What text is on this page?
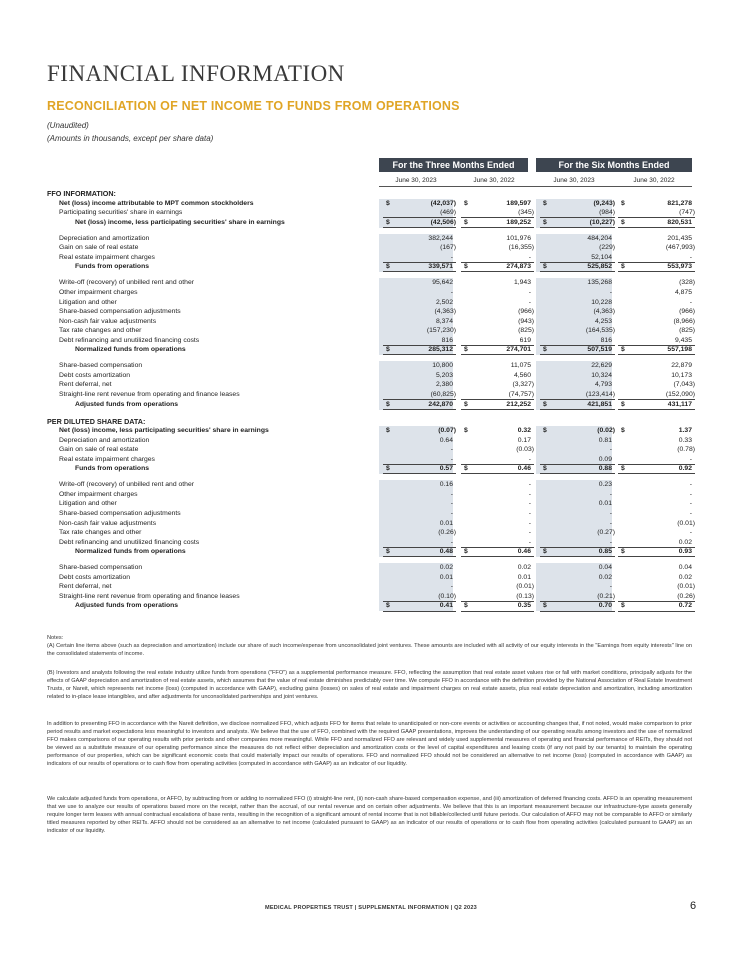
FINANCIAL INFORMATION
RECONCILIATION OF NET INCOME TO FUNDS FROM OPERATIONS
(Unaudited)
(Amounts in thousands, except per share data)
For the Three Months Ended	For the Six Months Ended
June 30, 2023	June 30, 2022	June 30, 2023	June 30, 2022
FFO INFORMATION:
Net (loss) income attributable to MPT common stockholders	$	(42,037) $	189,597 $	(9,243) $	821,278
Participating securities' share in earnings	(469)	(345)	(984)	(747)
Net (loss) income, less participating securities' share in earnings	$	(42,506) $	189,252 $	(10,227) $	820,531
Depreciation and amortization	382,244	101,976	484,204	201,435
Gain on sale of real estate	(167)	(16,355)	(229)	(467,993)
Real estate impairment charges	-	-	52,104	-
Funds from operations	$	339,571 $	274,873 $	525,852 $	553,973
Write-off (recovery) of unbilled rent and other	95,642	1,943	135,268	(328)
Other impairment charges	-	-	-	4,875
Litigation and other	2,502	-	10,228	-
Share-based compensation adjustments	(4,363)	(966)	(4,363)	(966)
Non-cash fair value adjustments	8,374	(943)	4,253	(8,966)
Tax rate changes and other	(157,230)	(825)	(164,535)	(825)
Debt refinancing and unutilized financing costs	816	619	816	9,435
Normalized funds from operations	$	285,312 $	274,701 $	507,519 $	557,198
Share-based compensation	10,800	11,075	22,629	22,879
Debt costs amortization	5,203	4,560	10,324	10,173
Rent deferral, net	2,380	(3,327)	4,793	(7,043)
Straight-line rent revenue from operating and finance leases	(60,825)	(74,757)	(123,414)	(152,090)
Adjusted funds from operations	$	242,870 $	212,252 $	421,851 $	431,117
PER DILUTED SHARE DATA:
Net (loss) income, less participating securities' share in earnings	$	(0.07) $	0.32 $	(0.02) $	1.37
Depreciation and amortization	0.64	0.17	0.81	0.33
Gain on sale of real estate	-	(0.03)	-	(0.78)
Real estate impairment charges	-	-	0.09	-
Funds from operations	$	0.57 $	0.46 $	0.88 $	0.92
Write-off (recovery) of unbilled rent and other	0.16	-	0.23	-
Other impairment charges	-	-	-	-
Litigation and other	-	-	0.01	-
Share-based compensation adjustments	-	-	-	-
Non-cash fair value adjustments	0.01	-	-	(0.01)
Tax rate changes and other	(0.26)	-	(0.27)	-
Debt refinancing and unutilized financing costs	-	-	-	0.02
Normalized funds from operations	$	0.48 $	0.46 $	0.85 $	0.93
Share-based compensation	0.02	0.02	0.04	0.04
Debt costs amortization	0.01	0.01	0.02	0.02
Rent deferral, net	-	(0.01)	-	(0.01)
Straight-line rent revenue from operating and finance leases	(0.10)	(0.13)	(0.21)	(0.26)
Adjusted funds from operations	$	0.41 $	0.35 $	0.70 $	0.72
Notes:
(A) Certain line items above (such as depreciation and amortization) include our share of such income/expense from unconsolidated joint ventures. These amounts are included with all activity of our equity interests in the "Earnings from equity interests" line on the consolidated statements of income.
(B) Investors and analysts following the real estate industry utilize funds from operations ("FFO") as a supplemental performance measure. FFO, reflecting the assumption that real estate asset values rise or fall with market conditions, principally adjusts for the effects of GAAP depreciation and amortization of real estate assets, which assumes that the value of real estate diminishes predictably over time. We compute FFO in accordance with the definition provided by the National Association of Real Estate Investment Trusts, or Nareit, which represents net income (loss) (computed in accordance with GAAP), excluding gains (losses) on sales of real estate and impairment charges on real estate assets, plus real estate depreciation and amortization, including amortization related to in-place lease intangibles, and after adjustments for unconsolidated partnerships and joint ventures.
In addition to presenting FFO in accordance with the Nareit definition, we disclose normalized FFO, which adjusts FFO for items that relate to unanticipated or non-core events or activities or accounting changes that, if not noted, would make comparison to prior period results and market expectations less meaningful to investors and analysts. We believe that the use of FFO, combined with the required GAAP presentations, improves the understanding of our operating results among investors and the use of normalized FFO makes comparisons of our operating results with prior periods and other companies more meaningful. While FFO and normalized FFO are relevant and widely used supplemental measures of operating and financial performance of REITs, they should not be viewed as a substitute measure of our operating performance since the measures do not reflect either depreciation and amortization costs or the level of capital expenditures and leasing costs (if any not paid by our tenants) to maintain the operating performance of our properties, which can be significant economic costs that could materially impact our results of operations. FFO and normalized FFO should not be considered an alternative to net income (loss) (computed in accordance with GAAP) as indicators of our results of operations or to cash flow from operating activities (computed in accordance with GAAP) as an indicator of our liquidity.
We calculate adjusted funds from operations, or AFFO, by subtracting from or adding to normalized FFO (i) straight-line rent, (ii) non-cash share-based compensation expense, and (iii) amortization of deferred financing costs. AFFO is an operating measurement that we use to analyze our results of operations based more on the receipt, rather than the accrual, of our rental revenue and on certain other adjustments. We believe that this is an important measurement because our infrastructure-type assets generally require longer term leases with annual contractual escalations of base rents, resulting in the recognition of a significant amount of rental income that is not billable/collected until future periods. Our calculation of AFFO may not be comparable to AFFO or similarly titled measures reported by other REITs. AFFO should not be considered as an alternative to net income (calculated pursuant to GAAP) as an indicator of our results of operations or to cash flow from operating activities (calculated pursuant to GAAP) as an indicator of our liquidity.
MEDICAL PROPERTIES TRUST | SUPPLEMENTAL INFORMATION | Q2 2023	6
